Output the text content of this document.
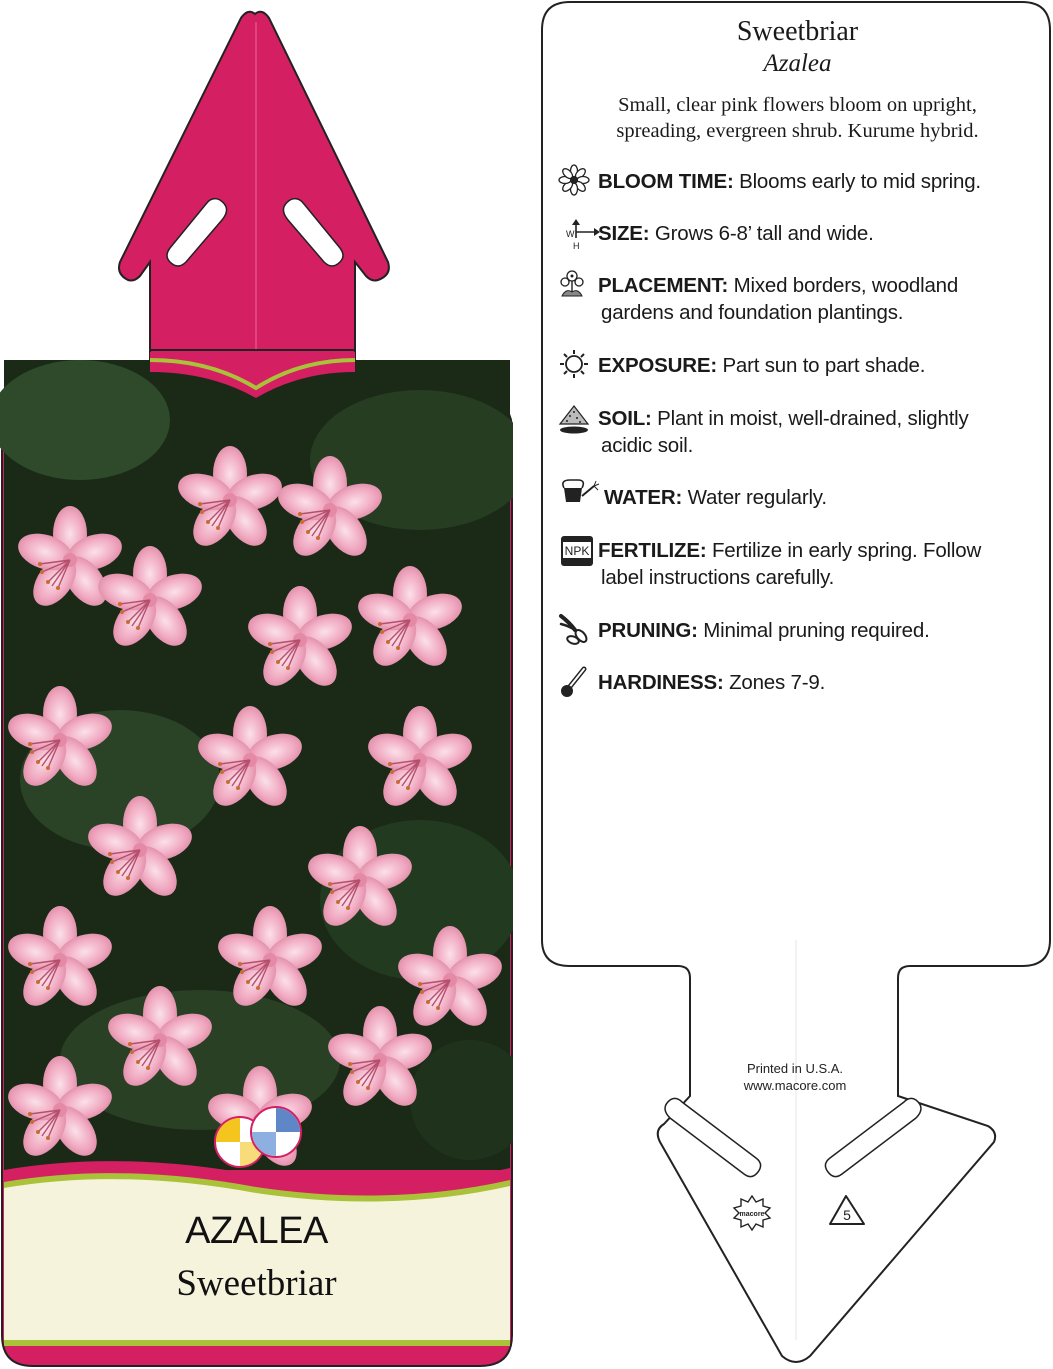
macore	5
W
H
NPK
Sweetbriar
Azalea
Small, clear pink flowers bloom on upright,
spreading, evergreen shrub. Kurume hybrid.
BLOOM TIME: Blooms early to mid spring.
SIZE: Grows 6-8’ tall and wide.
PLACEMENT: Mixed borders, woodland
gardens and foundation plantings.
EXPOSURE: Part sun to part shade.
SOIL: Plant in moist, well-drained, slightly
acidic soil.
WATER: Water regularly.
FERTILIZE: Fertilize in early spring. Follow
label instructions carefully.
PRUNING: Minimal pruning required.
HARDINESS: Zones 7-9.
Printed in U.S.A.
www.macore.com
AZALEA
Sweetbriar
